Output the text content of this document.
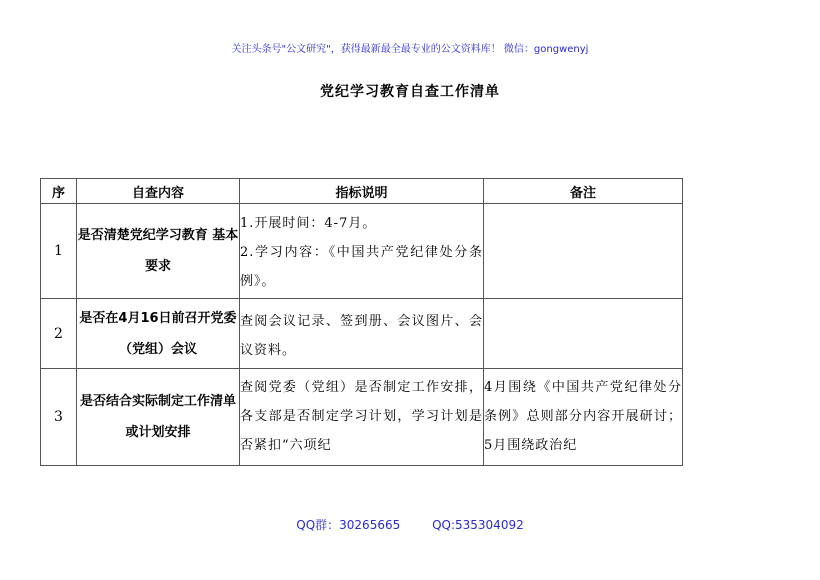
关注头条号"公文研究"，获得最新最全最专业的公文资料库！ 微信：gongwenyj
党纪学习教育自查工作清单
序	自查内容	指标说明	备注
1	是否清楚党纪学习教育 基本要求	1.开展时间：4-7月。
2.学习内容：《中国共产党纪律处分条例》。	

2	是否在4月16日前召开党委（党组）会议	查阅会议记录、签到册、会议图片、会议资料。	

3	是否结合实际制定工作清单或计划安排	查阅党委（党组）是否制定工作安排，各支部是否制定学习计划，学习计划是否紧扣“六项纪	4月围绕《中国共产党纪律处分条例》总则部分内容开展研讨；5月围绕政治纪
QQ群：30265665	QQ:535304092
